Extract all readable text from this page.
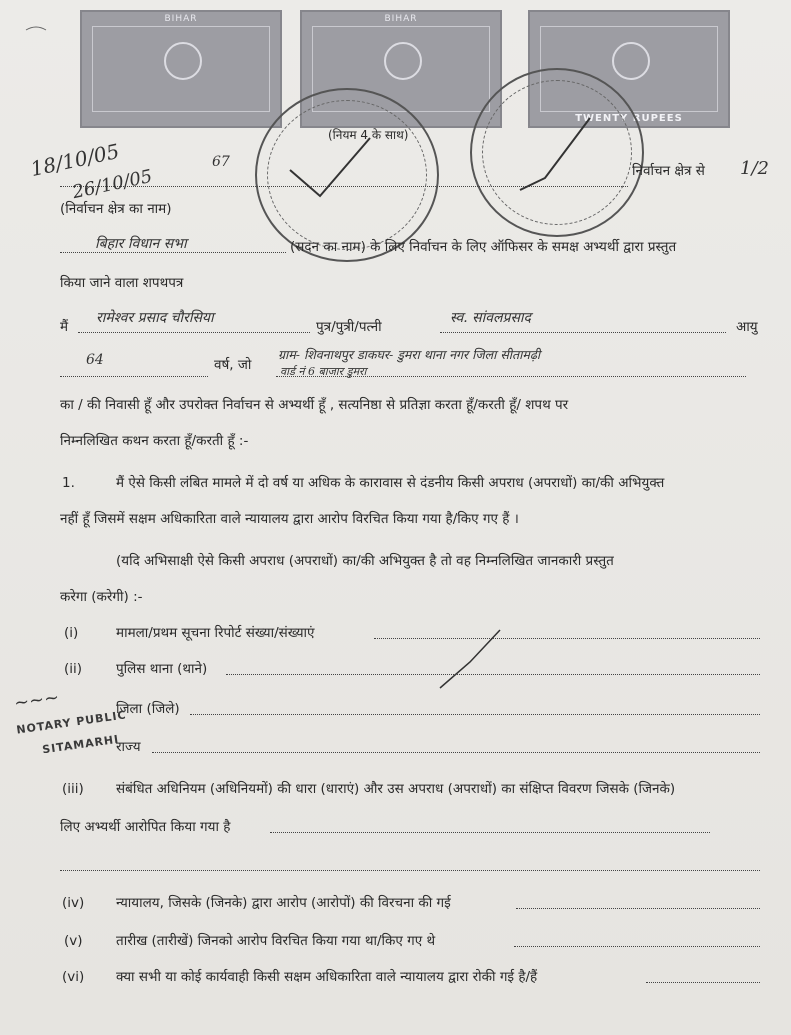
BIHAR	BIHAR
TWENTY RUPEES
(नियम 4 के साथ)
18/10/05
26/10/05
67
निर्वाचन क्षेत्र से 1/2
(निर्वाचन क्षेत्र का नाम)
बिहार विधान सभा	(सदन का नाम) के लिए निर्वाचन के लिए ऑफिसर के समक्ष अभ्यर्थी द्वारा प्रस्तुत
किया जाने वाला शपथपत्र
मैं
रामेश्वर प्रसाद चौरसिया
पुत्र/पुत्री/पत्नी
स्व. सांवलप्रसाद
आयु
64	वर्ष, जो
ग्राम- शिवनाथपुर डाकघर- डुमरा थाना नगर जिला सीतामढ़ी
वार्ड नं 6 बाजार डुमरा
का / की निवासी हूँ और उपरोक्त निर्वाचन से अभ्यर्थी हूँ , सत्यनिष्ठा से प्रतिज्ञा करता हूँ/करती हूँ/ शपथ पर
निम्नलिखित कथन करता हूँ/करती हूँ :-
1.	मैं ऐसे किसी लंबित मामले में दो वर्ष या अधिक के कारावास से दंडनीय किसी अपराध (अपराधों) का/की अभियुक्त
नहीं हूँ जिसमें सक्षम अधिकारिता वाले न्यायालय द्वारा आरोप विरचित किया गया है/किए गए हैं ।
(यदि अभिसाक्षी ऐसे किसी अपराध (अपराधों) का/की अभियुक्त है तो वह निम्नलिखित जानकारी प्रस्तुत
करेगा (करेगी) :-
(i)	मामला/प्रथम सूचना रिपोर्ट संख्या/संख्याएं
(ii)	पुलिस थाना (थाने)
जिला (जिले)
राज्य
~~~
NOTARY PUBLIC
SITAMARHI
(iii) संबंधित अधिनियम (अधिनियमों) की धारा (धाराएं) और उस अपराध (अपराधों) का संक्षिप्त विवरण जिसके (जिनके)
लिए अभ्यर्थी आरोपित किया गया है
(iv) न्यायालय, जिसके (जिनके) द्वारा आरोप (आरोपों) की विरचना की गई
(v) तारीख (तारीखें) जिनको आरोप विरचित किया गया था/किए गए थे
(vi) क्या सभी या कोई कार्यवाही किसी सक्षम अधिकारिता वाले न्यायालय द्वारा रोकी गई है/हैं
